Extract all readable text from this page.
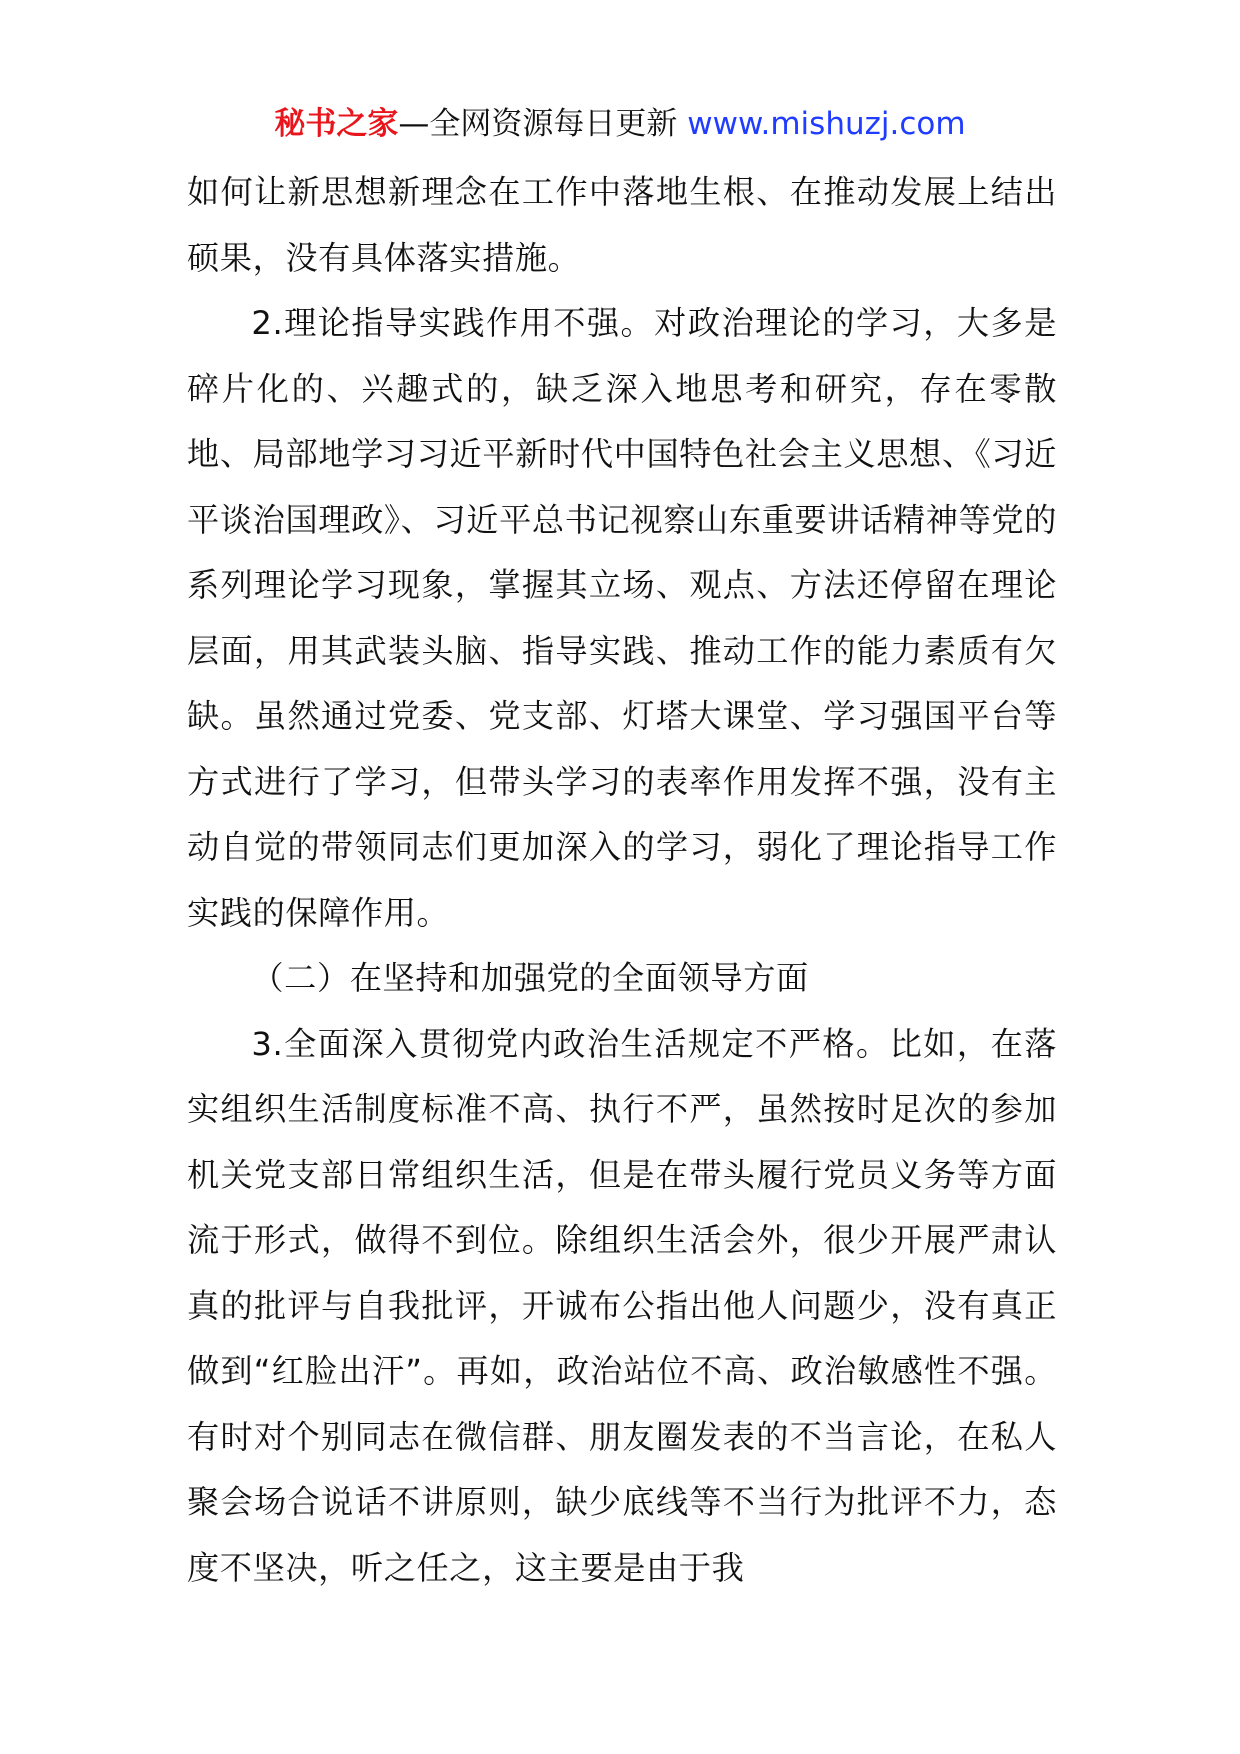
秘书之家—全网资源每日更新 www.mishuzj.com

如何让新思想新理念在工作中落地生根、在推动发展上结出硕果，没有具体落实措施。

2.理论指导实践作用不强。对政治理论的学习，大多是碎片化的、兴趣式的，缺乏深入地思考和研究，存在零散地、局部地学习习近平新时代中国特色社会主义思想、《习近平谈治国理政》、习近平总书记视察山东重要讲话精神等党的系列理论学习现象，掌握其立场、观点、方法还停留在理论层面，用其武装头脑、指导实践、推动工作的能力素质有欠缺。虽然通过党委、党支部、灯塔大课堂、学习强国平台等方式进行了学习，但带头学习的表率作用发挥不强，没有主动自觉的带领同志们更加深入的学习，弱化了理论指导工作实践的保障作用。

（二）在坚持和加强党的全面领导方面

3.全面深入贯彻党内政治生活规定不严格。比如，在落实组织生活制度标准不高、执行不严，虽然按时足次的参加机关党支部日常组织生活，但是在带头履行党员义务等方面流于形式，做得不到位。除组织生活会外，很少开展严肃认真的批评与自我批评，开诚布公指出他人问题少，没有真正做到“红脸出汗”。再如，政治站位不高、政治敏感性不强。有时对个别同志在微信群、朋友圈发表的不当言论，在私人聚会场合说话不讲原则，缺少底线等不当行为批评不力，态度不坚决，听之任之，这主要是由于我
